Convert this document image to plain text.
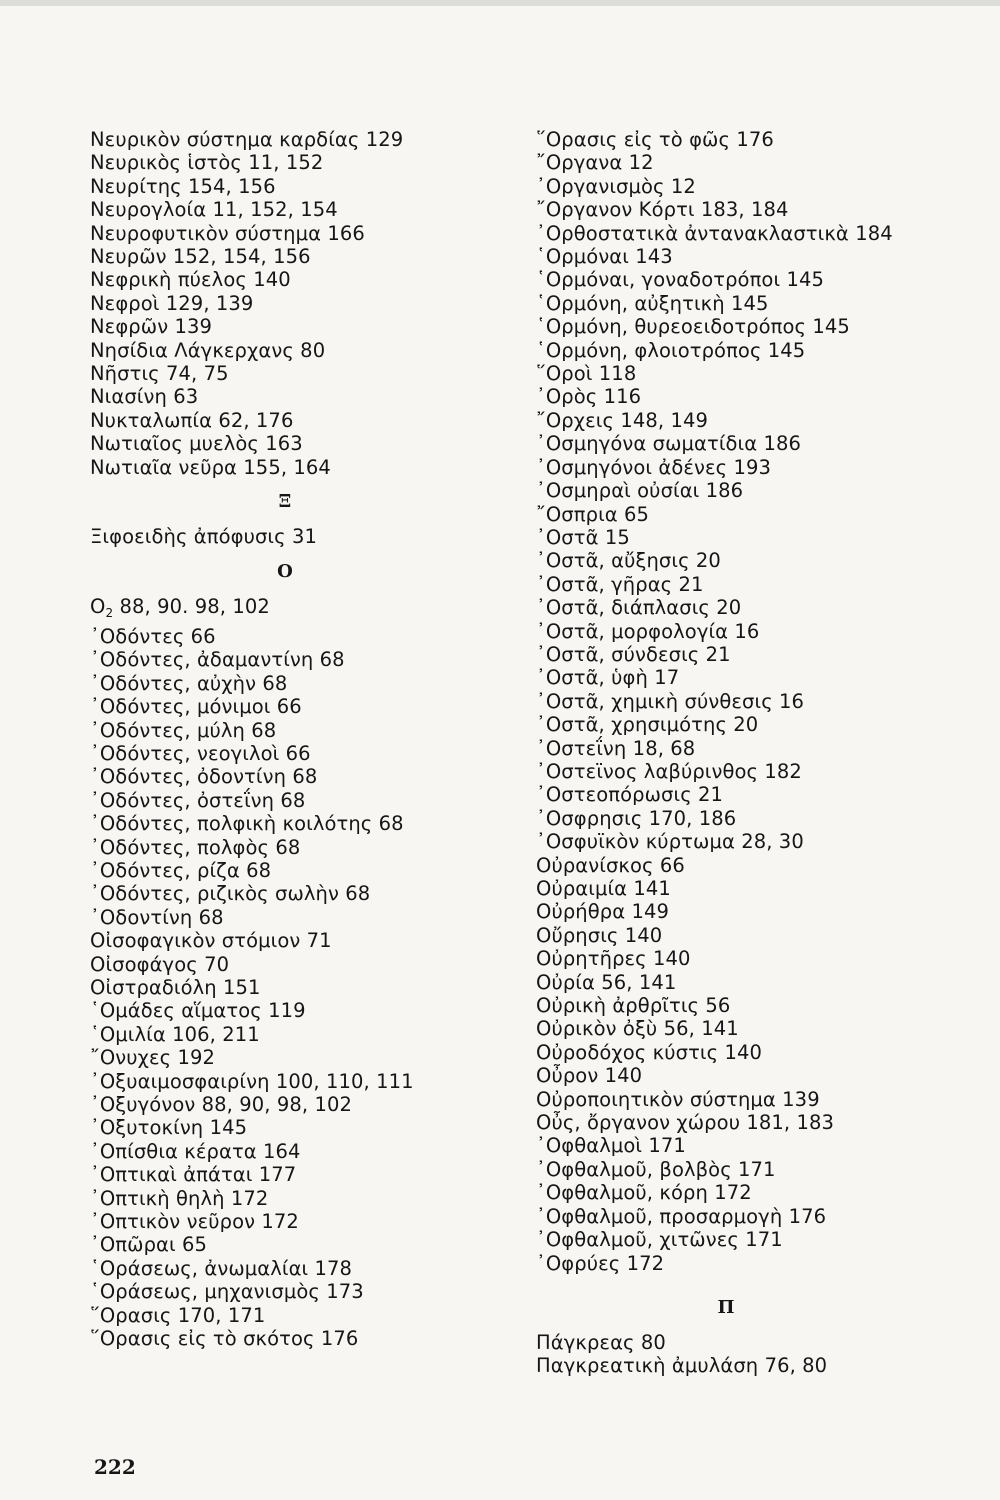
Νευρικὸν σύστημα καρδίας 129
Νευρικὸς ἱστὸς 11, 152
Νευρίτης 154, 156
Νευρογλοία 11, 152, 154
Νευροφυτικὸν σύστημα 166
Νευρῶν 152, 154, 156
Νεφρικὴ πύελος 140
Νεφροὶ 129, 139
Νεφρῶν 139
Νησίδια Λάγκερχανς 80
Νῆστις 74, 75
Νιασίνη 63
Νυκταλωπία 62, 176
Νωτιαῖος μυελὸς 163
Νωτιαῖα νεῦρα 155, 164
Ξ
Ξιφοειδὴς ἀπόφυσις 31
Ο
$O_2$ 88, 90. 98, 102
᾿Οδόντες 66
᾿Οδόντες, ἀδαμαντίνη 68
᾿Οδόντες, αὐχὴν 68
᾿Οδόντες, μόνιμοι 66
᾿Οδόντες, μύλη 68
᾿Οδόντες, νεογιλοὶ 66
᾿Οδόντες, ὀδοντίνη 68
᾿Οδόντες, ὀστεΐνη 68
᾿Οδόντες, πολφικὴ κοιλότης 68
᾿Οδόντες, πολφὸς 68
᾿Οδόντες, ρίζα 68
᾿Οδόντες, ριζικὸς σωλὴν 68
᾿Οδοντίνη 68
Οἰσοφαγικὸν στόμιον 71
Οἰσοφάγος 70
Οἰστραδιόλη 151
῾Ομάδες αἵματος 119
῾Ομιλία 106, 211
῎Ονυχες 192
᾿Οξυαιμοσφαιρίνη 100, 110, 111
᾿Οξυγόνον 88, 90, 98, 102
᾿Οξυτοκίνη 145
᾿Οπίσθια κέρατα 164
᾿Οπτικαὶ ἀπάται 177
᾿Οπτικὴ θηλὴ 172
᾿Οπτικὸν νεῦρον 172
᾿Οπῶραι 65
῾Οράσεως, ἀνωμαλίαι 178
῾Οράσεως, μηχανισμὸς 173
῞Ορασις 170, 171
῞Ορασις εἰς τὸ σκότος 176
῞Ορασις εἰς τὸ φῶς 176
῎Οργανα 12
᾿Οργανισμὸς 12
῎Οργανον Κόρτι 183, 184
᾿Ορθοστατικὰ ἀντανακλαστικὰ 184
῾Ορμόναι 143
῾Ορμόναι, γοναδοτρόποι 145
῾Ορμόνη, αὐξητικὴ 145
῾Ορμόνη, θυρεοειδοτρόπος 145
῾Ορμόνη, φλοιοτρόπος 145
῞Οροὶ 118
᾿Ορὸς 116
῎Ορχεις 148, 149
᾿Οσμηγόνα σωματίδια 186
᾿Οσμηγόνοι ἀδένες 193
᾿Οσμηραὶ οὐσίαι 186
῎Οσπρια 65
᾿Οστᾶ 15
᾿Οστᾶ, αὔξησις 20
᾿Οστᾶ, γῆρας 21
᾿Οστᾶ, διάπλασις 20
᾿Οστᾶ, μορφολογία 16
᾿Οστᾶ, σύνδεσις 21
᾿Οστᾶ, ὑφὴ 17
᾿Οστᾶ, χημικὴ σύνθεσις 16
᾿Οστᾶ, χρησιμότης 20
᾿Οστεΐνη 18, 68
᾿Οστεϊνος λαβύρινθος 182
᾿Οστεοπόρωσις 21
᾿Οσφρησις 170, 186
᾿Οσφυϊκὸν κύρτωμα 28, 30
Οὐρανίσκος 66
Οὐραιμία 141
Οὐρήθρα 149
Οὔρησις 140
Οὐρητῆρες 140
Οὐρία 56, 141
Οὐρικὴ ἀρθρῖτις 56
Οὐρικὸν ὀξὺ 56, 141
Οὐροδόχος κύστις 140
Οὖρον 140
Οὐροποιητικὸν σύστημα 139
Οὖς, ὄργανον χώρου 181, 183
᾿Οφθαλμοὶ 171
᾿Οφθαλμοῦ, βολβὸς 171
᾿Οφθαλμοῦ, κόρη 172
᾿Οφθαλμοῦ, προσαρμογὴ 176
᾿Οφθαλμοῦ, χιτῶνες 171
᾿Οφρύες 172
Π
Πάγκρεας 80
Παγκρεατικὴ ἀμυλάση 76, 80
222
